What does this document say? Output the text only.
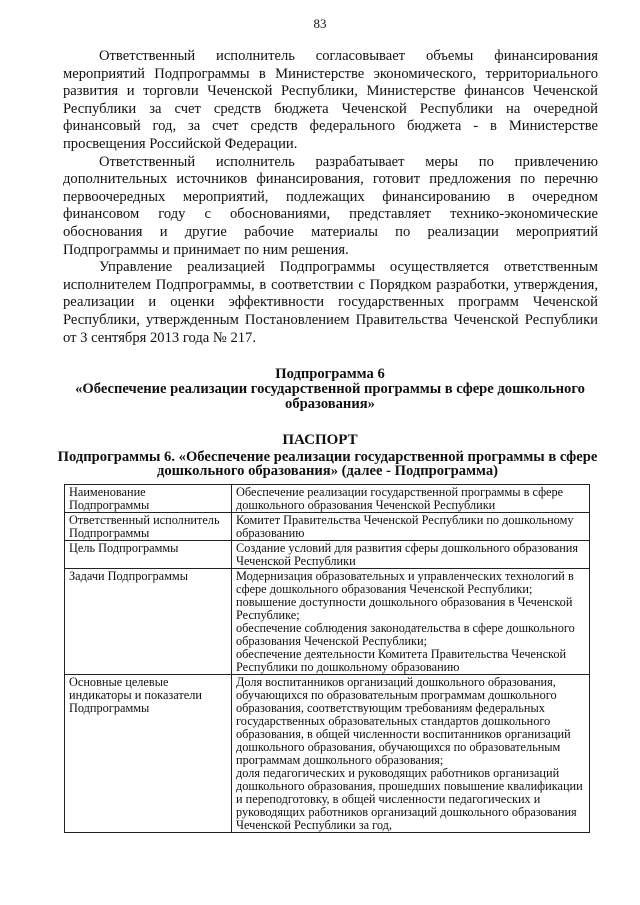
83

Ответственный исполнитель согласовывает объемы финансирования мероприятий Подпрограммы в Министерстве экономического, территориального развития и торговли Чеченской Республики, Министерстве финансов Чеченской Республики за счет средств бюджета Чеченской Республики на очередной финансовый год, за счет средств федерального бюджета - в Министерстве просвещения Российской Федерации.

Ответственный исполнитель разрабатывает меры по привлечению дополнительных источников финансирования, готовит предложения по перечню первоочередных мероприятий, подлежащих финансированию в очередном финансовом году с обоснованиями, представляет технико-экономические обоснования и другие рабочие материалы по реализации мероприятий Подпрограммы и принимает по ним решения.

Управление реализацией Подпрограммы осуществляется ответственным исполнителем Подпрограммы, в соответствии с Порядком разработки, утверждения, реализации и оценки эффективности государственных программ Чеченской Республики, утвержденным Постановлением Правительства Чеченской Республики от 3 сентября 2013 года № 217.

Подпрограмма 6
«Обеспечение реализации государственной программы в сфере дошкольного образования»
ПАСПОРТ
Подпрограммы 6. «Обеспечение реализации государственной программы в сфере дошкольного образования» (далее - Подпрограмма)
Наименование Подпрограммы	Обеспечение реализации государственной программы в сфере дошкольного образования Чеченской Республики

Ответственный исполнитель Подпрограммы	Комитет Правительства Чеченской Республики по дошкольному образованию

Цель Подпрограммы	Создание условий для развития сферы дошкольного образования Чеченской Республики

Задачи Подпрограммы	Модернизация образовательных и управленческих технологий в сфере дошкольного образования Чеченской Республики;
повышение доступности дошкольного образования в Чеченской Республике;
обеспечение соблюдения законодательства в сфере дошкольного образования Чеченской Республики;
обеспечение деятельности Комитета Правительства Чеченской Республики по дошкольному образованию

Основные целевые индикаторы и показатели Подпрограммы	Доля воспитанников организаций дошкольного образования, обучающихся по образовательным программам дошкольного образования, соответствующим требованиям федеральных государственных образовательных стандартов дошкольного образования, в общей численности воспитанников организаций дошкольного образования, обучающихся по образовательным программам дошкольного образования;
доля педагогических и руководящих работников организаций дошкольного образования, прошедших повышение квалификации и переподготовку, в общей численности педагогических и руководящих работников организаций дошкольного образования Чеченской Республики за год,
